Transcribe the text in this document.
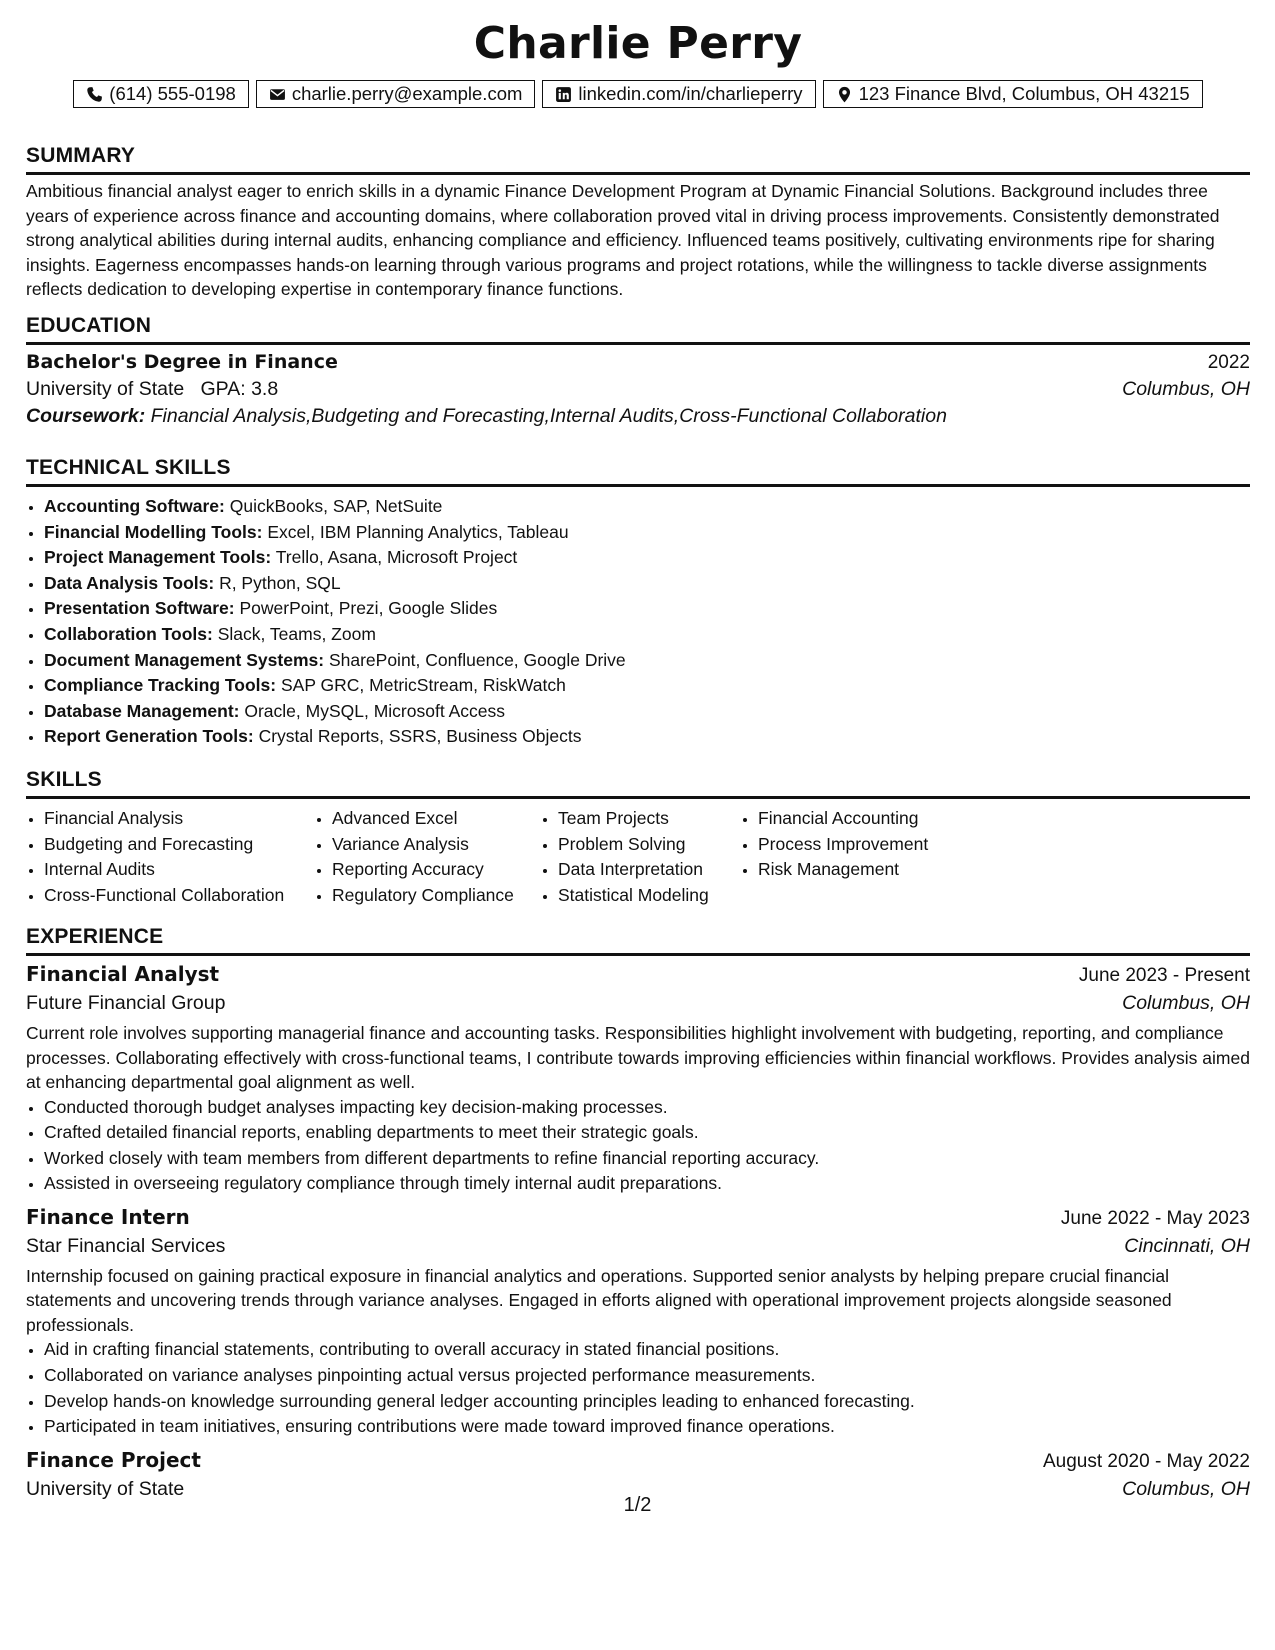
Charlie Perry
(614) 555-0198	charlie.perry@example.com	linkedin.com/in/charlieperry	123 Finance Blvd, Columbus, OH 43215
SUMMARY
Ambitious financial analyst eager to enrich skills in a dynamic Finance Development Program at Dynamic Financial Solutions. Background includes three years of experience across finance and accounting domains, where collaboration proved vital in driving process improvements. Consistently demonstrated strong analytical abilities during internal audits, enhancing compliance and efficiency. Influenced teams positively, cultivating environments ripe for sharing insights. Eagerness encompasses hands-on learning through various programs and project rotations, while the willingness to tackle diverse assignments reflects dedication to developing expertise in contemporary finance functions.
EDUCATION
Bachelor's Degree in Finance	2022
University of State GPA: 3.8	Columbus, OH
Coursework: Financial Analysis,Budgeting and Forecasting,Internal Audits,Cross-Functional Collaboration
TECHNICAL SKILLS
• Accounting Software: QuickBooks, SAP, NetSuite
• Financial Modelling Tools: Excel, IBM Planning Analytics, Tableau
• Project Management Tools: Trello, Asana, Microsoft Project
• Data Analysis Tools: R, Python, SQL
• Presentation Software: PowerPoint, Prezi, Google Slides
• Collaboration Tools: Slack, Teams, Zoom
• Document Management Systems: SharePoint, Confluence, Google Drive
• Compliance Tracking Tools: SAP GRC, MetricStream, RiskWatch
• Database Management: Oracle, MySQL, Microsoft Access
• Report Generation Tools: Crystal Reports, SSRS, Business Objects
SKILLS
• Financial Analysis
• Budgeting and Forecasting
• Internal Audits
• Cross-Functional Collaboration
• Advanced Excel
• Variance Analysis
• Reporting Accuracy
• Regulatory Compliance
• Team Projects
• Problem Solving
• Data Interpretation
• Statistical Modeling
• Financial Accounting
• Process Improvement
• Risk Management
EXPERIENCE
Financial Analyst	June 2023 - Present
Future Financial Group	Columbus, OH
Current role involves supporting managerial finance and accounting tasks. Responsibilities highlight involvement with budgeting, reporting, and compliance processes. Collaborating effectively with cross-functional teams, I contribute towards improving efficiencies within financial workflows. Provides analysis aimed at enhancing departmental goal alignment as well.
• Conducted thorough budget analyses impacting key decision-making processes.
• Crafted detailed financial reports, enabling departments to meet their strategic goals.
• Worked closely with team members from different departments to refine financial reporting accuracy.
• Assisted in overseeing regulatory compliance through timely internal audit preparations.
Finance Intern	June 2022 - May 2023
Star Financial Services	Cincinnati, OH
Internship focused on gaining practical exposure in financial analytics and operations. Supported senior analysts by helping prepare crucial financial statements and uncovering trends through variance analyses. Engaged in efforts aligned with operational improvement projects alongside seasoned professionals.
• Aid in crafting financial statements, contributing to overall accuracy in stated financial positions.
• Collaborated on variance analyses pinpointing actual versus projected performance measurements.
• Develop hands-on knowledge surrounding general ledger accounting principles leading to enhanced forecasting.
• Participated in team initiatives, ensuring contributions were made toward improved finance operations.
Finance Project	August 2020 - May 2022
University of State	Columbus, OH
1/2
